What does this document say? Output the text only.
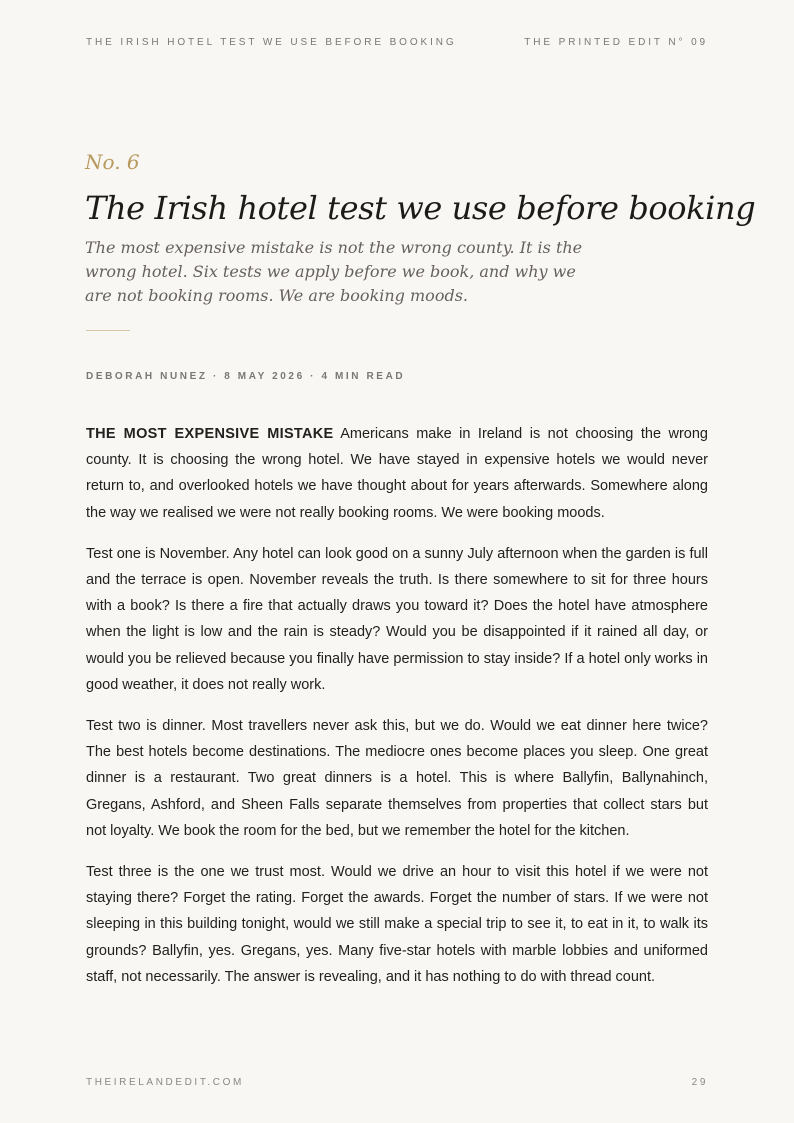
THE IRISH HOTEL TEST WE USE BEFORE BOOKING	THE PRINTED EDIT N° 09
No. 6
The Irish hotel test we use before booking

The most expensive mistake is not the wrong county. It is the wrong hotel. Six tests we apply before we book, and why we are not booking rooms. We are booking moods.

DEBORAH NUNEZ · 8 MAY 2026 · 4 MIN READ

THE MOST EXPENSIVE MISTAKE Americans make in Ireland is not choosing the wrong county. It is choosing the wrong hotel. We have stayed in expensive hotels we would never return to, and overlooked hotels we have thought about for years afterwards. Somewhere along the way we realised we were not really booking rooms. We were booking moods.

Test one is November. Any hotel can look good on a sunny July afternoon when the garden is full and the terrace is open. November reveals the truth. Is there somewhere to sit for three hours with a book? Is there a fire that actually draws you toward it? Does the hotel have atmosphere when the light is low and the rain is steady? Would you be disappointed if it rained all day, or would you be relieved because you finally have permission to stay inside? If a hotel only works in good weather, it does not really work.

Test two is dinner. Most travellers never ask this, but we do. Would we eat dinner here twice? The best hotels become destinations. The mediocre ones become places you sleep. One great dinner is a restaurant. Two great dinners is a hotel. This is where Ballyfin, Ballynahinch, Gregans, Ashford, and Sheen Falls separate themselves from properties that collect stars but not loyalty. We book the room for the bed, but we remember the hotel for the kitchen.

Test three is the one we trust most. Would we drive an hour to visit this hotel if we were not staying there? Forget the rating. Forget the awards. Forget the number of stars. If we were not sleeping in this building tonight, would we still make a special trip to see it, to eat in it, to walk its grounds? Ballyfin, yes. Gregans, yes. Many five-star hotels with marble lobbies and uniformed staff, not necessarily. The answer is revealing, and it has nothing to do with thread count.

THEIRELANDEDIT.COM	29
